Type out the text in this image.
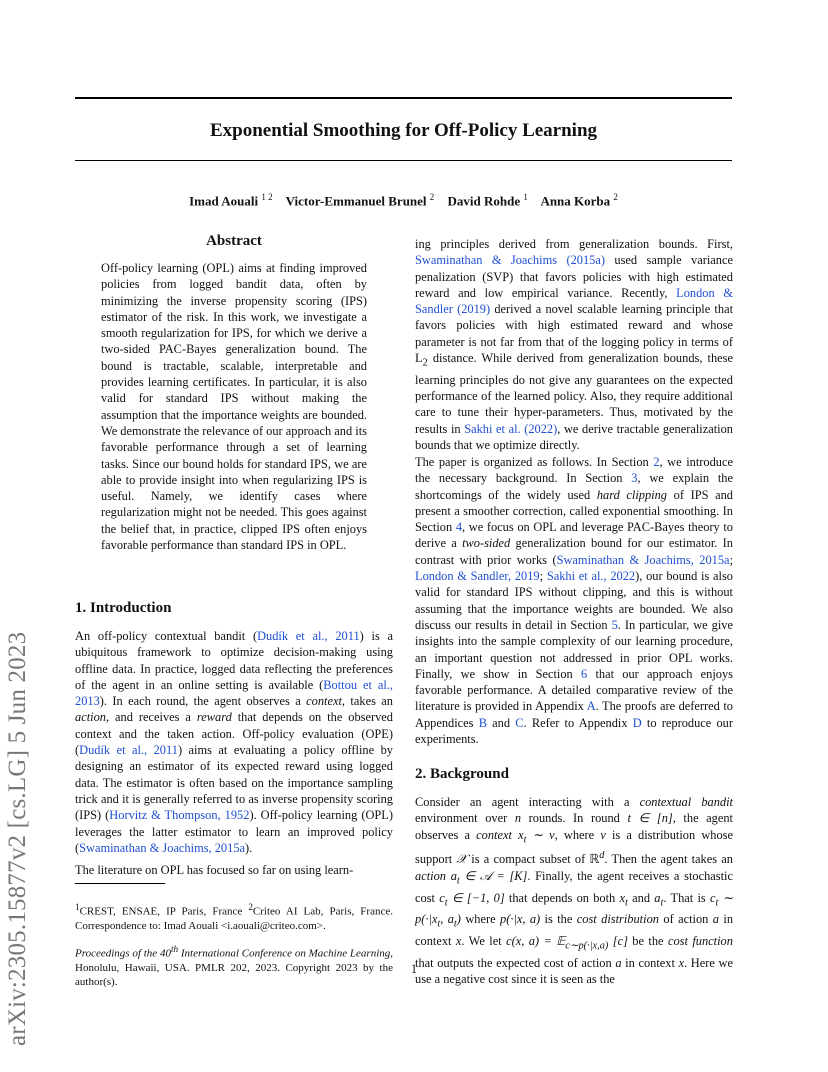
Exponential Smoothing for Off-Policy Learning
Imad Aouali $^{1 2}$ Victor-Emmanuel Brunel $^2$ David Rohde $^1$ Anna Korba $^2$
arXiv:2305.15877v2 [cs.LG] 5 Jun 2023
Abstract

Off-policy learning (OPL) aims at finding improved policies from logged bandit data, often by minimizing the inverse propensity scoring (IPS) estimator of the risk. In this work, we investigate a smooth regularization for IPS, for which we derive a two-sided PAC-Bayes generalization bound. The bound is tractable, scalable, interpretable and provides learning certificates. In particular, it is also valid for standard IPS without making the assumption that the importance weights are bounded. We demonstrate the relevance of our approach and its favorable performance through a set of learning tasks. Since our bound holds for standard IPS, we are able to provide insight into when regularizing IPS is useful. Namely, we identify cases where regularization might not be needed. This goes against the belief that, in practice, clipped IPS often enjoys favorable performance than standard IPS in OPL.

1. Introduction

An off-policy contextual bandit (Dudík et al., 2011) is a ubiquitous framework to optimize decision-making using offline data. In practice, logged data reflecting the preferences of the agent in an online setting is available (Bottou et al., 2013). In each round, the agent observes a context, takes an action, and receives a reward that depends on the observed context and the taken action. Off-policy evaluation (OPE) (Dudík et al., 2011) aims at evaluating a policy offline by designing an estimator of its expected reward using logged data. The estimator is often based on the importance sampling trick and it is generally referred to as inverse propensity scoring (IPS) (Horvitz & Thompson, 1952). Off-policy learning (OPL) leverages the latter estimator to learn an improved policy (Swaminathan & Joachims, 2015a).

The literature on OPL has focused so far on using learn-

$^1$CREST, ENSAE, IP Paris, France $^2$Criteo AI Lab, Paris, France. Correspondence to: Imad Aouali <i.aouali@criteo.com>.

Proceedings of the 40th International Conference on Machine Learning, Honolulu, Hawaii, USA. PMLR 202, 2023. Copyright 2023 by the author(s).

ing principles derived from generalization bounds. First, Swaminathan & Joachims (2015a) used sample variance penalization (SVP) that favors policies with high estimated reward and low empirical variance. Recently, London & Sandler (2019) derived a novel scalable learning principle that favors policies with high estimated reward and whose parameter is not far from that of the logging policy in terms of $L_2$ distance. While derived from generalization bounds, these learning principles do not give any guarantees on the expected performance of the learned policy. Also, they require additional care to tune their hyper-parameters. Thus, motivated by the results in Sakhi et al. (2022), we derive tractable generalization bounds that we optimize directly.

The paper is organized as follows. In Section 2, we introduce the necessary background. In Section 3, we explain the shortcomings of the widely used hard clipping of IPS and present a smoother correction, called exponential smoothing. In Section 4, we focus on OPL and leverage PAC-Bayes theory to derive a two-sided generalization bound for our estimator. In contrast with prior works (Swaminathan & Joachims, 2015a; London & Sandler, 2019; Sakhi et al., 2022), our bound is also valid for standard IPS without clipping, and this is without assuming that the importance weights are bounded. We also discuss our results in detail in Section 5. In particular, we give insights into the sample complexity of our learning procedure, an important question not addressed in prior OPL works. Finally, we show in Section 6 that our approach enjoys favorable performance. A detailed comparative review of the literature is provided in Appendix A. The proofs are deferred to Appendices B and C. Refer to Appendix D to reproduce our experiments.

2. Background

Consider an agent interacting with a contextual bandit environment over n rounds. In round t ∈ [n], the agent observes a context $x_t$ ∼ ν, where ν is a distribution whose support 𝒳 is a compact subset of ℝ$^d$. Then the agent takes an action $a_t$ ∈ 𝒜 = [K]. Finally, the agent receives a stochastic cost $c_t$ ∈ [−1, 0] that depends on both $x_t$ and $a_t$. That is $c_t$ ∼ $p(\cdot|x_t$, $a_t$) where p(·|x, a) is the cost distribution of action a in context x. We let c(x, a) = 𝔼$_{c\sim p(\cdot|x,a)}$ [c] be the cost function that outputs the expected cost of action a in context x. Here we use a negative cost since it is seen as the

1
